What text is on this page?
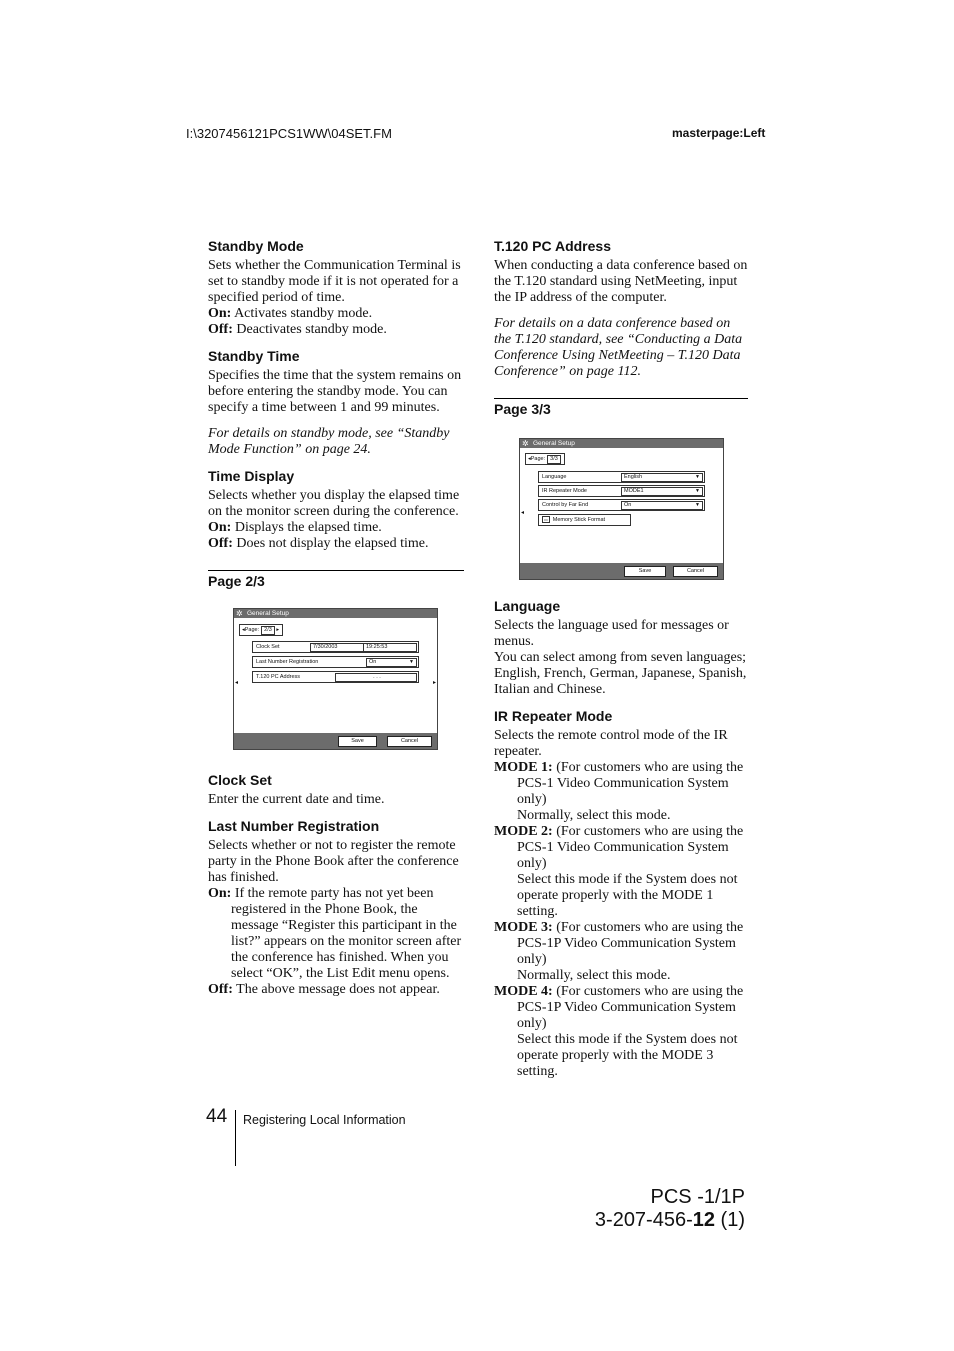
I:\3207456121PCS1WW\04SET.FM	masterpage:Left
Standby Mode

Sets whether the Communication Terminal is set to standby mode if it is not operated for a specified period of time.

On: Activates standby mode.

Off: Deactivates standby mode.

Standby Time

Specifies the time that the system remains on before entering the standby mode. You can specify a time between 1 and 99 minutes.

For details on standby mode, see “Standby Mode Function” on page 24.

Time Display

Selects whether you display the elapsed time on the monitor screen during the conference.

On: Displays the elapsed time.

Off: Does not display the elapsed time.

Page 2/3
✲ General Setup
◂Page: 2/3 ▸
Clock Set	7/30/2003	19:25:53
Last Number Registration	On	▼
T.120 PC Address	. . .
◂	▸
Save	Cancel
Clock Set

Enter the current date and time.

Last Number Registration

Selects whether or not to register the remote party in the Phone Book after the conference has finished.

On: If the remote party has not yet been registered in the Phone Book, the message “Register this participant in the list?” appears on the monitor screen after the conference has finished. When you select “OK”, the List Edit menu opens.

Off: The above message does not appear.

T.120 PC Address

When conducting a data conference based on the T.120 standard using NetMeeting, input the IP address of the computer.

For details on a data conference based on the T.120 standard, see “Conducting a Data Conference Using NetMeeting – T.120 Data Conference” on page 112.

Page 3/3
✲ General Setup
◂Page: 3/3
Language	English	▼
IR Repeater Mode	MODE1	▼
Control by Far End	On	▼
▭ Memory Stick Format
◂
Save	Cancel
Language

Selects the language used for messages or menus.

You can select among from seven languages; English, French, German, Japanese, Spanish, Italian and Chinese.

IR Repeater Mode

Selects the remote control mode of the IR repeater.

MODE 1: (For customers who are using the PCS-1 Video Communication System only)

Normally, select this mode.

MODE 2: (For customers who are using the PCS-1 Video Communication System only)

Select this mode if the System does not operate properly with the MODE 1 setting.

MODE 3: (For customers who are using the PCS-1P Video Communication System only)

Normally, select this mode.

MODE 4: (For customers who are using the PCS-1P Video Communication System only)

Select this mode if the System does not operate properly with the MODE 3 setting.

44 Registering Local Information
PCS -1/1P
3-207-456-12 (1)
